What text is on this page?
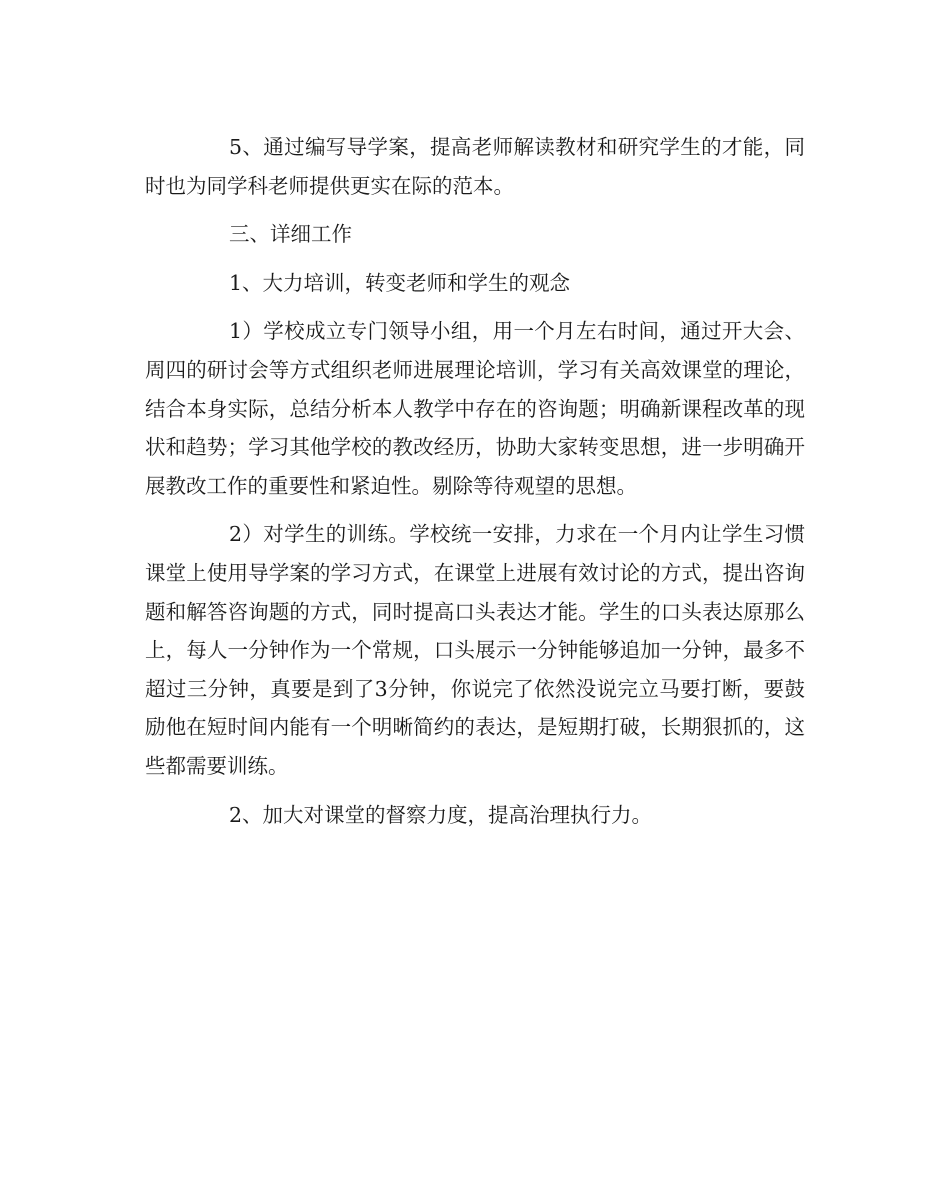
5、通过编写导学案，提高老师解读教材和研究学生的才能，同时也为同学科老师提供更实在际的范本。

三、详细工作

1、大力培训，转变老师和学生的观念

1）学校成立专门领导小组，用一个月左右时间，通过开大会、周四的研讨会等方式组织老师进展理论培训，学习有关高效课堂的理论，结合本身实际，总结分析本人教学中存在的咨询题；明确新课程改革的现状和趋势；学习其他学校的教改经历，协助大家转变思想，进一步明确开展教改工作的重要性和紧迫性。剔除等待观望的思想。

2）对学生的训练。学校统一安排，力求在一个月内让学生习惯课堂上使用导学案的学习方式，在课堂上进展有效讨论的方式，提出咨询题和解答咨询题的方式，同时提高口头表达才能。学生的口头表达原那么上，每人一分钟作为一个常规，口头展示一分钟能够追加一分钟，最多不超过三分钟，真要是到了3分钟，你说完了依然没说完立马要打断，要鼓励他在短时间内能有一个明晰简约的表达，是短期打破，长期狠抓的，这些都需要训练。

2、加大对课堂的督察力度，提高治理执行力。
